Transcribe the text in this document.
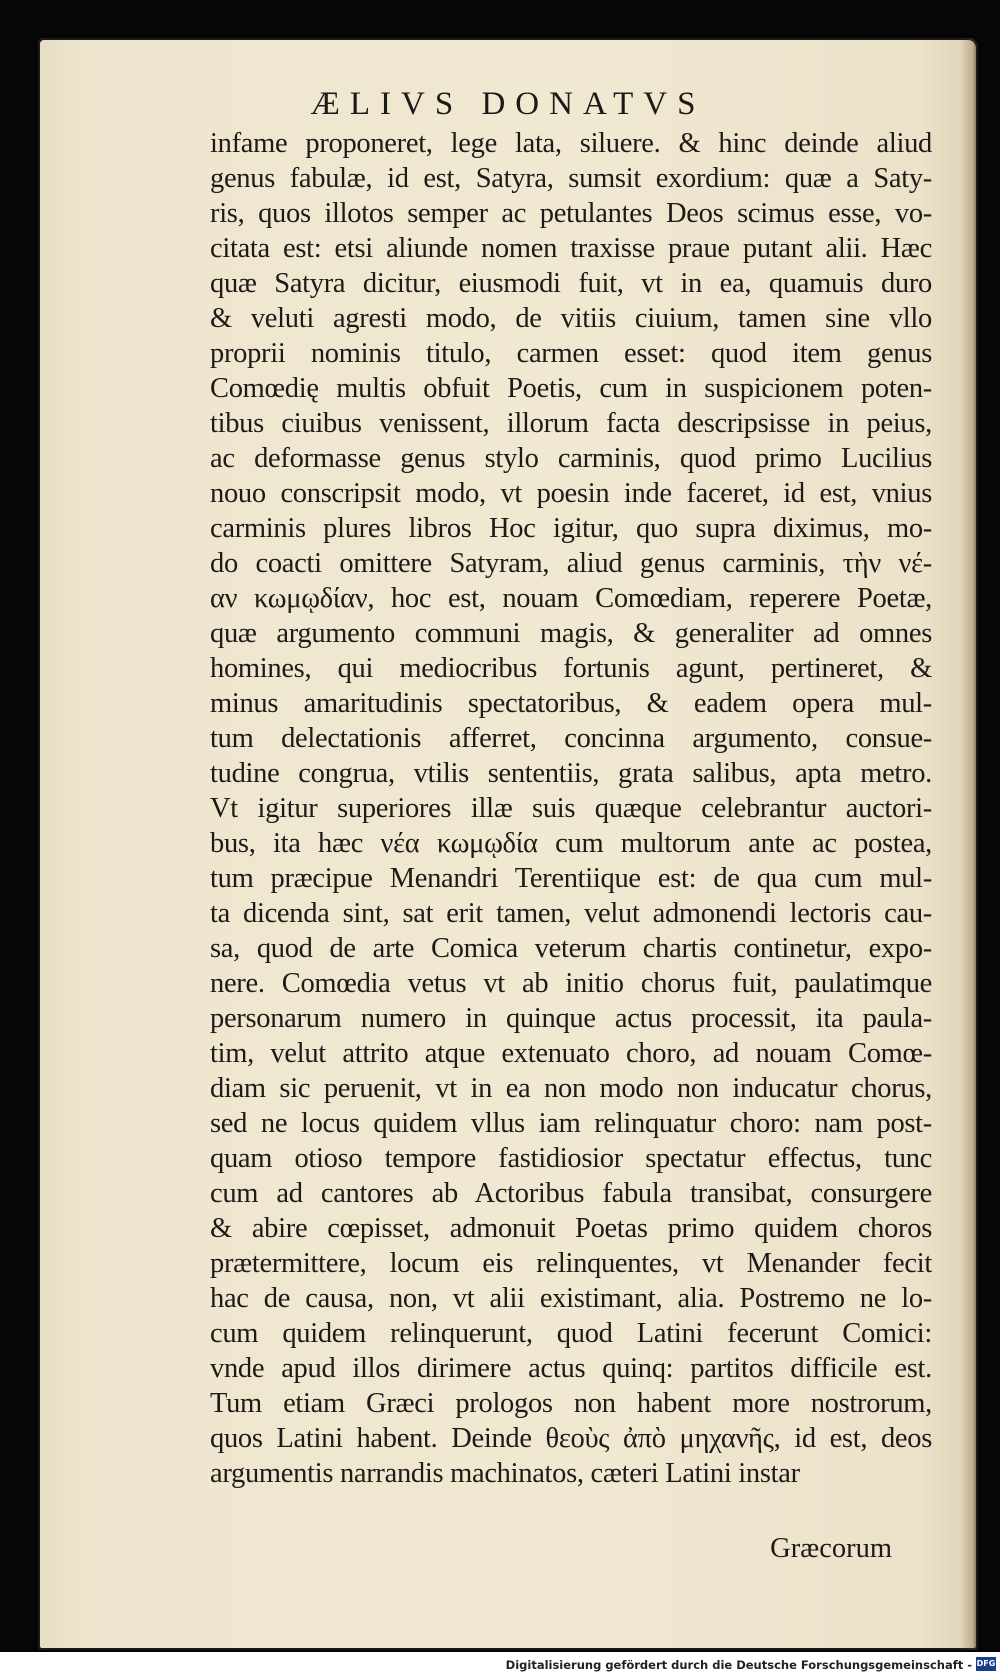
ÆLIVS DONATVS
infame proponeret, lege lata, siluere. & hinc deinde aliud
genus fabulæ, id est, Satyra, sumsit exordium: quæ a Saty-
ris, quos illotos semper ac petulantes Deos scimus esse, vo-
citata est: etsi aliunde nomen traxisse praue putant alii. Hæc
quæ Satyra dicitur, eiusmodi fuit, vt in ea, quamuis duro
& veluti agresti modo, de vitiis ciuium, tamen sine vllo
proprii nominis titulo, carmen esset: quod item genus
Comœdię multis obfuit Poetis, cum in suspicionem poten-
tibus ciuibus venissent, illorum facta descripsisse in peius,
ac deformasse genus stylo carminis, quod primo Lucilius
nouo conscripsit modo, vt poesin inde faceret, id est, vnius
carminis plures libros Hoc igitur, quo supra diximus, mo-
do coacti omittere Satyram, aliud genus carminis, τὴν νέ-
αν κωμῳδίαν, hoc est, nouam Comœdiam, reperere Poetæ,
quæ argumento communi magis, & generaliter ad omnes
homines, qui mediocribus fortunis agunt, pertineret, &
minus amaritudinis spectatoribus, & eadem opera mul-
tum delectationis afferret, concinna argumento, consue-
tudine congrua, vtilis sententiis, grata salibus, apta metro.
Vt igitur superiores illæ suis quæque celebrantur auctori-
bus, ita hæc νέα κωμῳδία cum multorum ante ac postea,
tum præcipue Menandri Terentiique est: de qua cum mul-
ta dicenda sint, sat erit tamen, velut admonendi lectoris cau-
sa, quod de arte Comica veterum chartis continetur, expo-
nere. Comœdia vetus vt ab initio chorus fuit, paulatimque
personarum numero in quinque actus processit, ita paula-
tim, velut attrito atque extenuato choro, ad nouam Comœ-
diam sic peruenit, vt in ea non modo non inducatur chorus,
sed ne locus quidem vllus iam relinquatur choro: nam post-
quam otioso tempore fastidiosior spectatur effectus, tunc
cum ad cantores ab Actoribus fabula transibat, consurgere
& abire cœpisset, admonuit Poetas primo quidem choros
prætermittere, locum eis relinquentes, vt Menander fecit
hac de causa, non, vt alii existimant, alia. Postremo ne lo-
cum quidem relinquerunt, quod Latini fecerunt Comici:
vnde apud illos dirimere actus quinq: partitos difficile est.
Tum etiam Græci prologos non habent more nostrorum,
quos Latini habent. Deinde θεοὺς ἀπὸ μηχανῆς, id est, deos
argumentis narrandis machinatos, cæteri Latini instar
Græcorum
Digitalisierung gefördert durch die Deutsche Forschungsgemeinschaft - DFG
